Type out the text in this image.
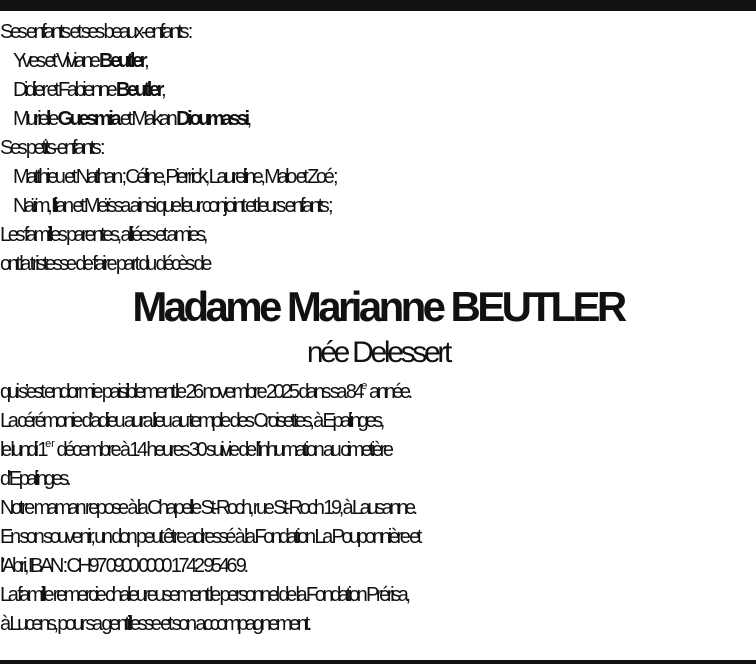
Ses enfants et ses beaux-enfants :
Yves et Viviane Beutler,
Didier et Fabienne Beutler,
Murielle Guesmia et Makan Dioumassi,
Ses petits-enfants :
Matthieu et Nathan ; Céline, Pierrick, Laureline, Malo et Zoé ;
Naïm, Ilian et Meïssa ainsi que leur conjoint et leurs enfants ;
Les familles parentes, alliées et amies,
ont la tristesse de faire part du décès de
Madame Marianne BEUTLER
née Delessert
qui s’est endormie paisiblement le 26 novembre 2025 dans sa 84e année.
La cérémonie d’adieu aura lieu au temple des Croisettes, à Epalinges,
le lundi 1er décembre à 14 heures 30 suivie de l’inhumation au cimetière
d’Epalinges.
Notre maman repose à la Chapelle St-Roch, rue St-Roch 19, à Lausanne.
En son souvenir, un don peut être adressé à la Fondation La Pouponnière et
l’Abri, IBAN : CH97 0900 0000 1742 9546 9.
La famille remercie chaleureusement le personnel de la Fondation Prérisa,
à Lucens, pour sa gentillesse et son accompagnement.
